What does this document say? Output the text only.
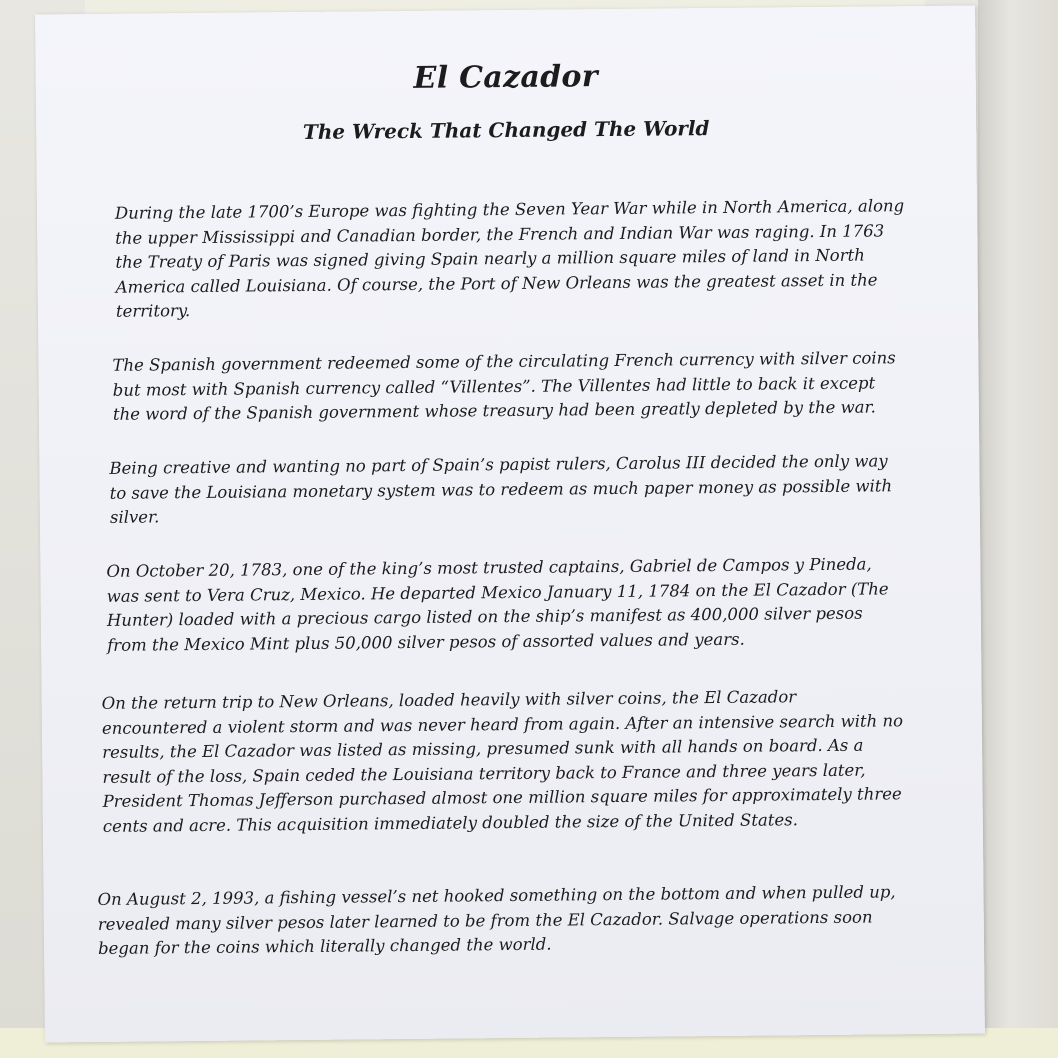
El Cazador
The Wreck That Changed The World

During the late 1700’s Europe was fighting the Seven Year War while in North America, along the upper Mississippi and Canadian border, the French and Indian War was raging. In 1763 the Treaty of Paris was signed giving Spain nearly a million square miles of land in North America called Louisiana. Of course, the Port of New Orleans was the greatest asset in the territory.

The Spanish government redeemed some of the circulating French currency with silver coins but most with Spanish currency called “Villentes”. The Villentes had little to back it except the word of the Spanish government whose treasury had been greatly depleted by the war.

Being creative and wanting no part of Spain’s papist rulers, Carolus III decided the only way to save the Louisiana monetary system was to redeem as much paper money as possible with silver.

On October 20, 1783, one of the king’s most trusted captains, Gabriel de Campos y Pineda, was sent to Vera Cruz, Mexico. He departed Mexico January 11, 1784 on the El Cazador (The Hunter) loaded with a precious cargo listed on the ship’s manifest as 400,000 silver pesos from the Mexico Mint plus 50,000 silver pesos of assorted values and years.

On the return trip to New Orleans, loaded heavily with silver coins, the El Cazador encountered a violent storm and was never heard from again. After an intensive search with no results, the El Cazador was listed as missing, presumed sunk with all hands on board. As a result of the loss, Spain ceded the Louisiana territory back to France and three years later, President Thomas Jefferson purchased almost one million square miles for approximately three cents and acre. This acquisition immediately doubled the size of the United States.

On August 2, 1993, a fishing vessel’s net hooked something on the bottom and when pulled up, revealed many silver pesos later learned to be from the El Cazador. Salvage operations soon began for the coins which literally changed the world.
